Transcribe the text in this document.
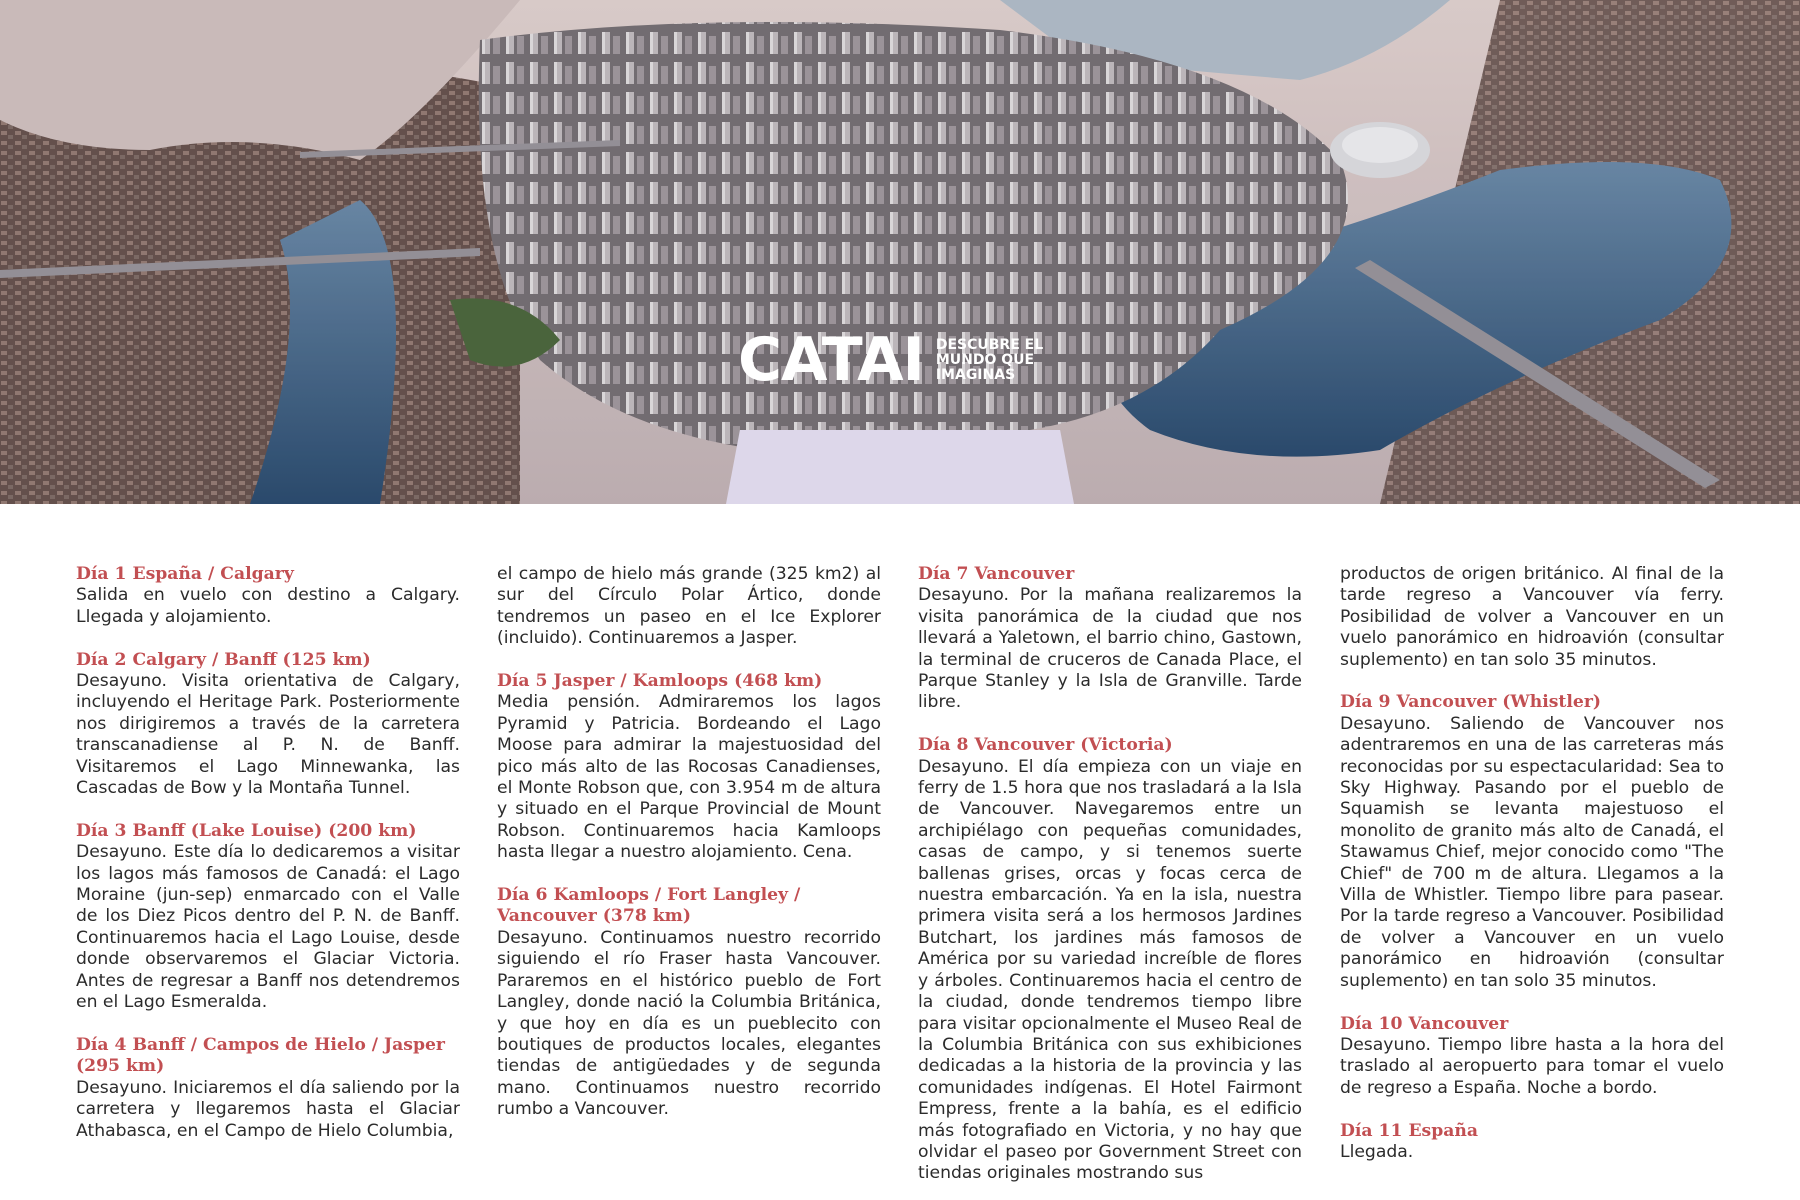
CATAI DESCUBRE EL MUNDO QUE IMAGINAS
Día 1 España / Calgary

Salida en vuelo con destino a Calgary. Llegada y alojamiento.

Día 2 Calgary / Banff (125 km)

Desayuno. Visita orientativa de Calgary, incluyendo el Heritage Park. Posteriormente nos dirigiremos a través de la carretera transcanadiense al P. N. de Banff. Visitaremos el Lago Minnewanka, las Cascadas de Bow y la Montaña Tunnel.

Día 3 Banff (Lake Louise) (200 km)

Desayuno. Este día lo dedicaremos a visitar los lagos más famosos de Canadá: el Lago Moraine (jun-sep) enmarcado con el Valle de los Diez Picos dentro del P. N. de Banff. Continuaremos hacia el Lago Louise, desde donde observaremos el Glaciar Victoria. Antes de regresar a Banff nos detendremos en el Lago Esmeralda.

Día 4 Banff / Campos de Hielo / Jasper (295 km)

Desayuno. Iniciaremos el día saliendo por la carretera y llegaremos hasta el Glaciar Athabasca, en el Campo de Hielo Columbia,

el campo de hielo más grande (325 km2) al sur del Círculo Polar Ártico, donde tendremos un paseo en el Ice Explorer (incluido). Continuaremos a Jasper.

Día 5 Jasper / Kamloops (468 km)

Media pensión. Admiraremos los lagos Pyramid y Patricia. Bordeando el Lago Moose para admirar la majestuosidad del pico más alto de las Rocosas Canadienses, el Monte Robson que, con 3.954 m de altura y situado en el Parque Provincial de Mount Robson. Continuaremos hacia Kamloops hasta llegar a nuestro alojamiento. Cena.

Día 6 Kamloops / Fort Langley / Vancouver (378 km)

Desayuno. Continuamos nuestro recorrido siguiendo el río Fraser hasta Vancouver. Pararemos en el histórico pueblo de Fort Langley, donde nació la Columbia Británica, y que hoy en día es un pueblecito con boutiques de productos locales, elegantes tiendas de antigüedades y de segunda mano. Continuamos nuestro recorrido rumbo a Vancouver.

Día 7 Vancouver

Desayuno. Por la mañana realizaremos la visita panorámica de la ciudad que nos llevará a Yaletown, el barrio chino, Gastown, la terminal de cruceros de Canada Place, el Parque Stanley y la Isla de Granville. Tarde libre.

Día 8 Vancouver (Victoria)

Desayuno. El día empieza con un viaje en ferry de 1.5 hora que nos trasladará a la Isla de Vancouver. Navegaremos entre un archipiélago con pequeñas comunidades, casas de campo, y si tenemos suerte ballenas grises, orcas y focas cerca de nuestra embarcación. Ya en la isla, nuestra primera visita será a los hermosos Jardines Butchart, los jardines más famosos de América por su variedad increíble de flores y árboles. Continuaremos hacia el centro de la ciudad, donde tendremos tiempo libre para visitar opcionalmente el Museo Real de la Columbia Británica con sus exhibiciones dedicadas a la historia de la provincia y las comunidades indígenas. El Hotel Fairmont Empress, frente a la bahía, es el edificio más fotografiado en Victoria, y no hay que olvidar el paseo por Government Street con tiendas originales mostrando sus

productos de origen británico. Al final de la tarde regreso a Vancouver vía ferry. Posibilidad de volver a Vancouver en un vuelo panorámico en hidroavión (consultar suplemento) en tan solo 35 minutos.

Día 9 Vancouver (Whistler)

Desayuno. Saliendo de Vancouver nos adentraremos en una de las carreteras más reconocidas por su espectacularidad: Sea to Sky Highway. Pasando por el pueblo de Squamish se levanta majestuoso el monolito de granito más alto de Canadá, el Stawamus Chief, mejor conocido como "The Chief" de 700 m de altura. Llegamos a la Villa de Whistler. Tiempo libre para pasear. Por la tarde regreso a Vancouver. Posibilidad de volver a Vancouver en un vuelo panorámico en hidroavión (consultar suplemento) en tan solo 35 minutos.

Día 10 Vancouver

Desayuno. Tiempo libre hasta a la hora del traslado al aeropuerto para tomar el vuelo de regreso a España. Noche a bordo.

Día 11 España

Llegada.
